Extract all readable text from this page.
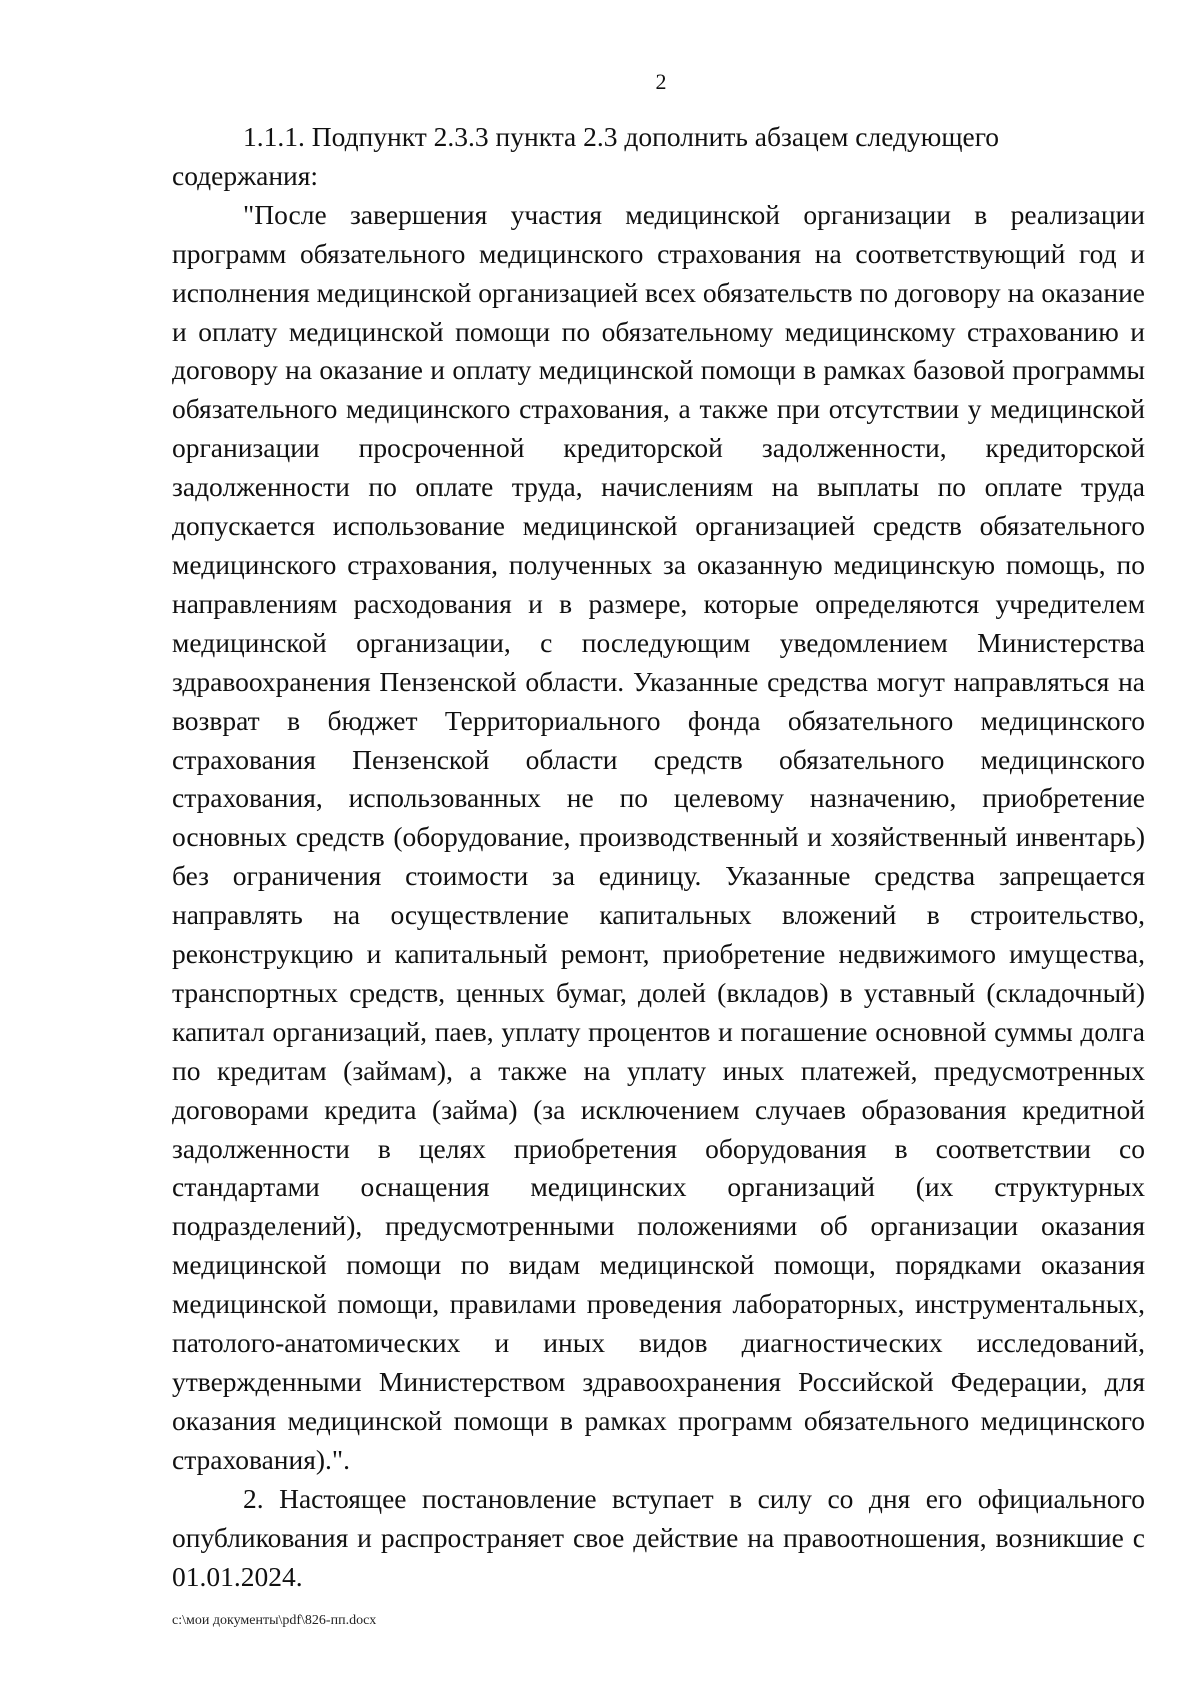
2

1.1.1. Подпункт 2.3.3 пункта 2.3 дополнить абзацем следующего содержания:

"После завершения участия медицинской организации в реализации программ обязательного медицинского страхования на соответствующий год и исполнения медицинской организацией всех обязательств по договору на оказание и оплату медицинской помощи по обязательному медицинскому страхованию и договору на оказание и оплату медицинской помощи в рамках базовой программы обязательного медицинского страхования, а также при отсутствии у медицинской организации просроченной кредиторской задолженности, кредиторской задолженности по оплате труда, начислениям на выплаты по оплате труда допускается использование медицинской организацией средств обязательного медицинского страхования, полученных за оказанную медицинскую помощь, по направлениям расходования и в размере, которые определяются учредителем медицинской организации, с последующим уведомлением Министерства здравоохранения Пензенской области. Указанные средства могут направляться на возврат в бюджет Территориального фонда обязательного медицинского страхования Пензенской области средств обязательного медицинского страхования, использованных не по целевому назначению, приобретение основных средств (оборудование, производственный и хозяйственный инвентарь) без ограничения стоимости за единицу. Указанные средства запрещается направлять на осуществление капитальных вложений в строительство, реконструкцию и капитальный ремонт, приобретение недвижимого имущества, транспортных средств, ценных бумаг, долей (вкладов) в уставный (складочный) капитал организаций, паев, уплату процентов и погашение основной суммы долга по кредитам (займам), а также на уплату иных платежей, предусмотренных договорами кредита (займа) (за исключением случаев образования кредитной задолженности в целях приобретения оборудования в соответствии со стандартами оснащения медицинских организаций (их структурных подразделений), предусмотренными положениями об организации оказания медицинской помощи по видам медицинской помощи, порядками оказания медицинской помощи, правилами проведения лабораторных, инструментальных, патолого-анатомических и иных видов диагностических исследований, утвержденными Министерством здравоохранения Российской Федерации, для оказания медицинской помощи в рамках программ обязательного медицинского страхования).".

2. Настоящее постановление вступает в силу со дня его официального опубликования и распространяет свое действие на правоотношения, возникшие с 01.01.2024.

c:\мои документы\pdf\826-пп.docx
